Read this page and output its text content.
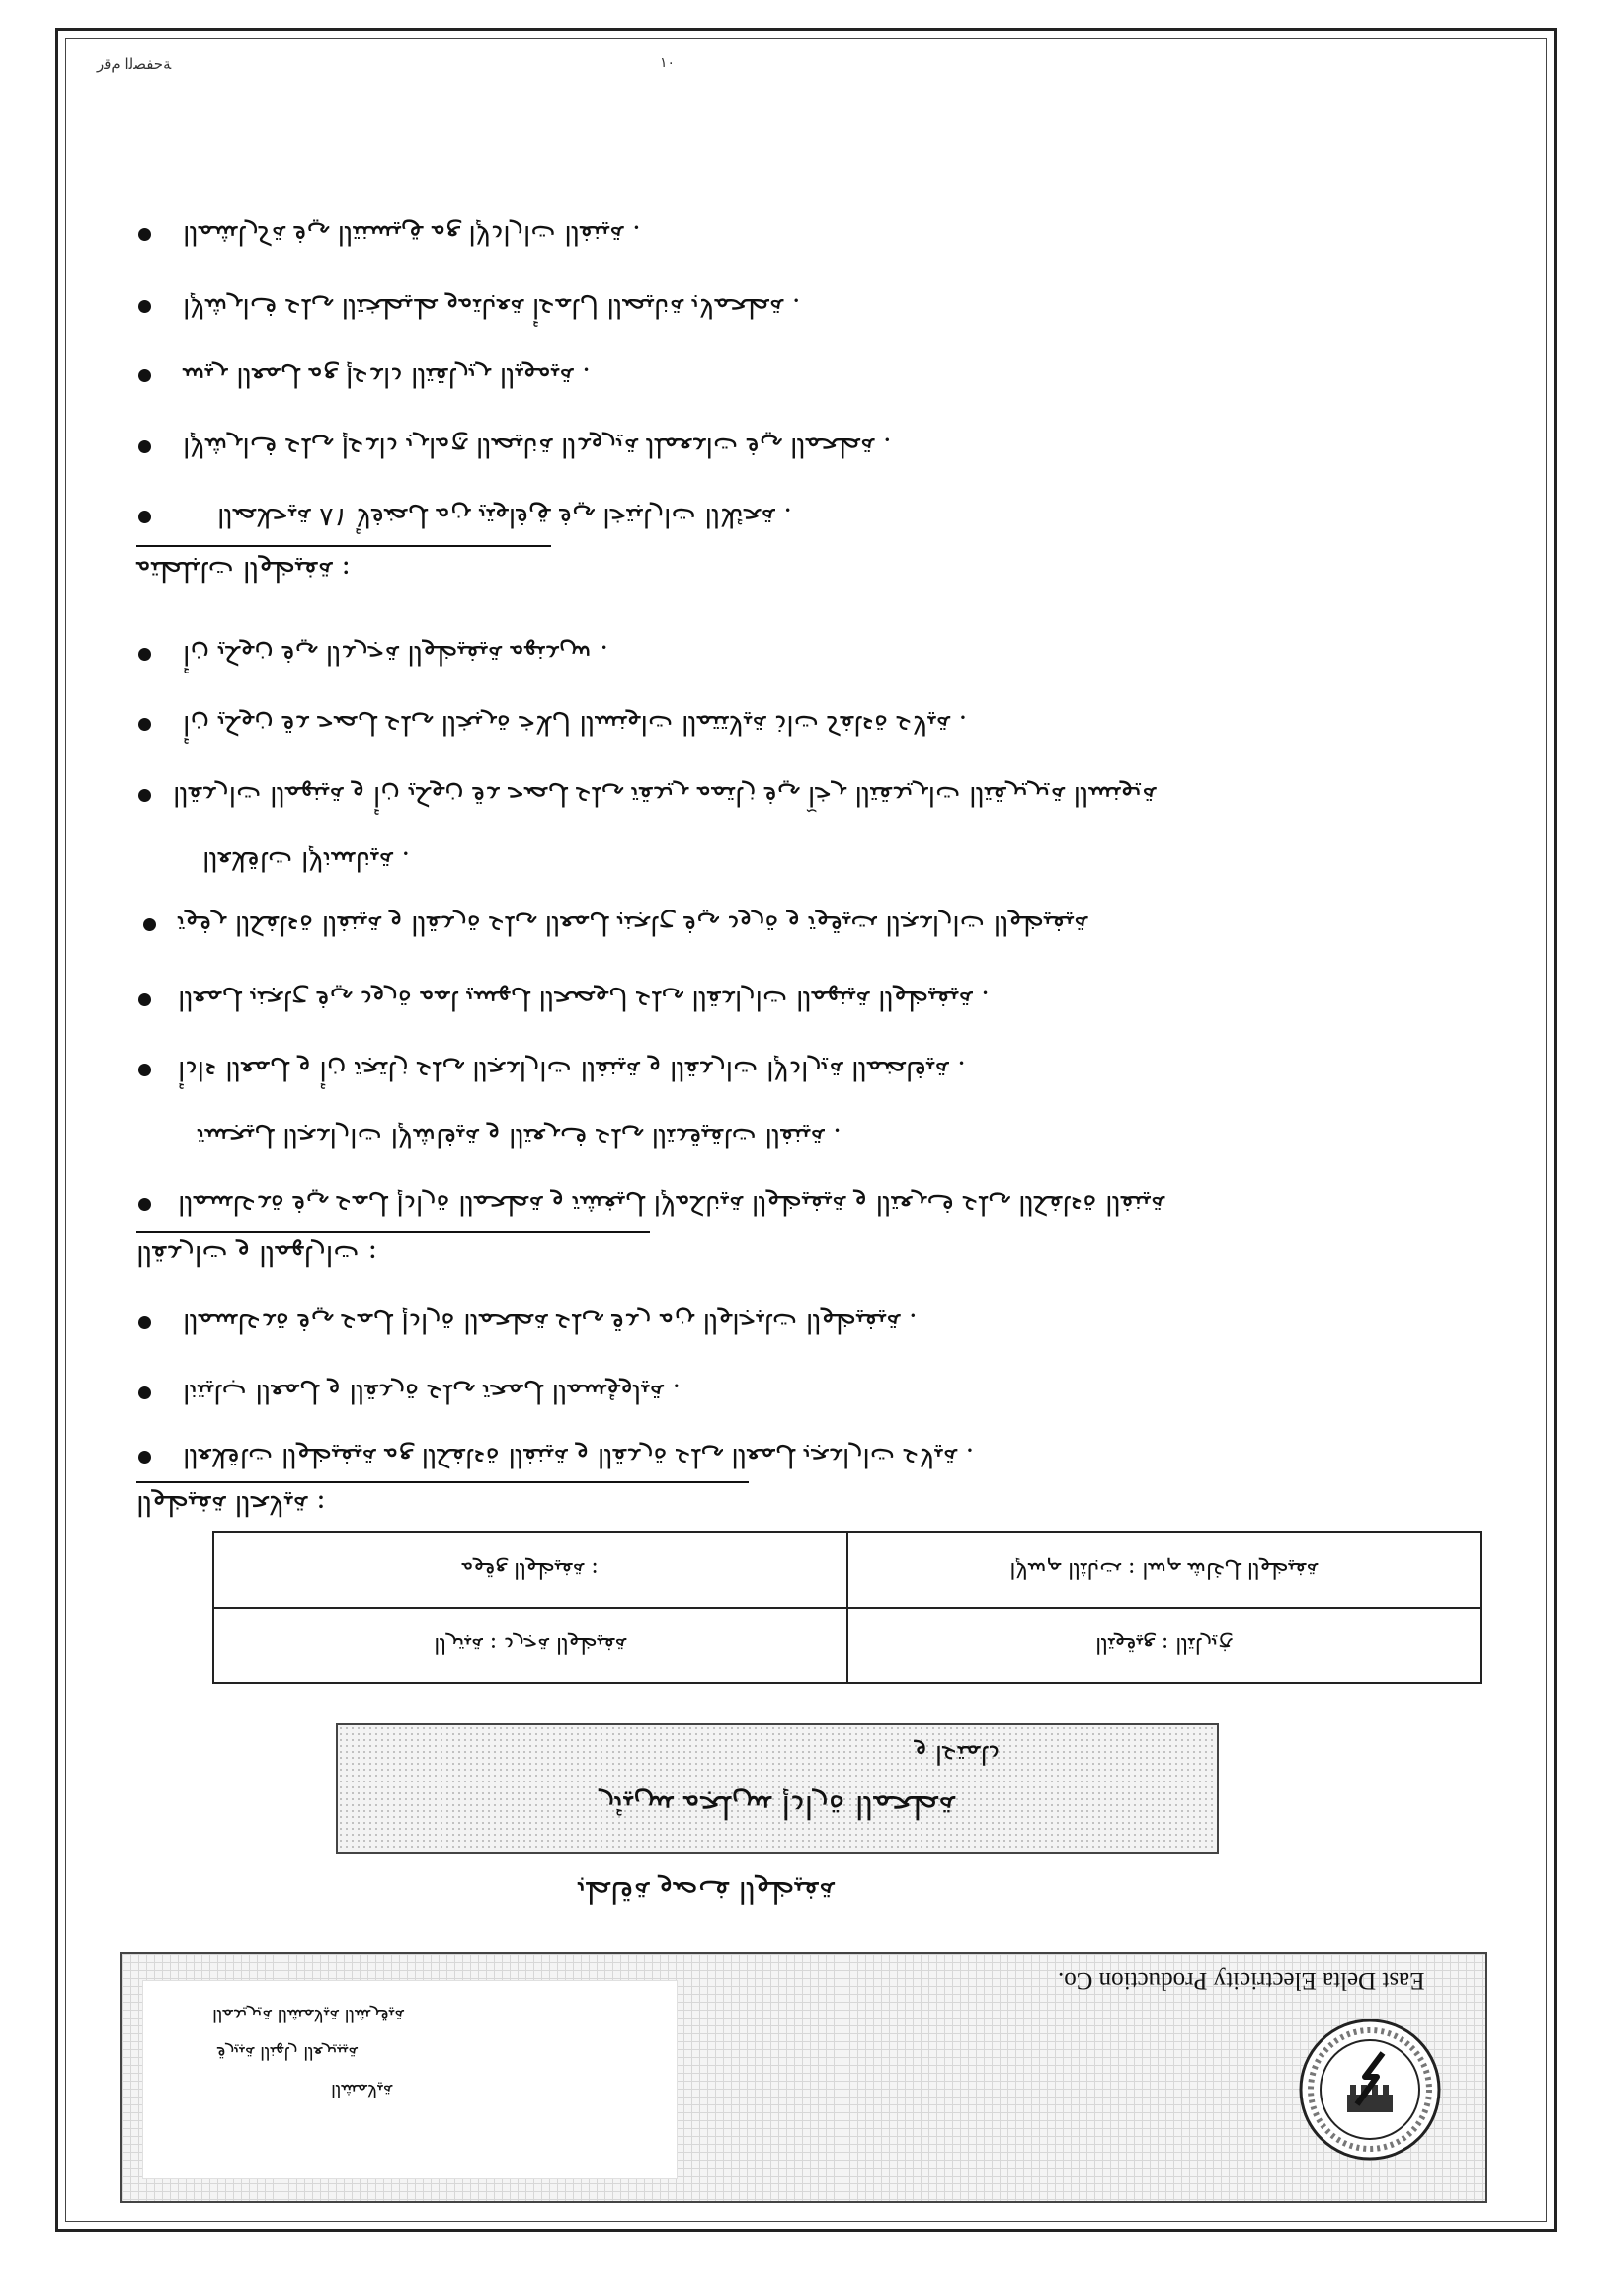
ﺔﺣﻔﺼﻟﺍ ﻡﻗﺭ	١٠
ﺔﻴﻨﻔﻟﺍ ﺕﺍﺭﺍﺩﻹﺍ ﻊﻣ ﻖﻴﺴﻨﺘﻟﺍ ﻲﻓ ﺔﻛﺭﺎﺸﻤﻟﺍ .
ﺔﻄﺤﻤﻟﺎﺑ ﺔﻧﺎﻴﺼﻟﺍ ﻝﺎﻤﻋﺃ ﺔﻌﺑﺎﺘﻣﻭ ﻂﻴﻄﺨﺘﻟﺍ ﻰﻠﻋ ﻑﺍﺮﺷﻹﺍ .
ﺔﻴﻣﻮﻴﻟﺍ ﺮﻳﺭﺎﻘﺘﻟﺍ ﺩﺍﺪﻋﺇ ﻊﻣ ﻞﻤﻌﻟﺍ ﺮﻴﺳ .
ﺔﻄﺤﻤﻟﺍ ﻲﻓ ﺕﺍﺪﻌﻤﻠﻟ ﺔﻳﺭﻭﺪﻟﺍ ﺔﻧﺎﻴﺼﻟﺍ ﺞﻣﺍﺮﺑ ﺩﺍﺪﻋﺇ ﻰﻠﻋ ﻑﺍﺮﺷﻹﺍ .
ﺔﺤﺋﻼﻟﺍ ﺕﺍﺭﺎﺒﺘﺧﺍ ﻲﻓ ﻖﻓﺍﻮﺘﻳ ﻦﻣ ﻞﻀﻓﻷ ٨١ ﺔﻴﺣﻼﺼﻟﺍ .
ﺔﻔﻴﻇﻮﻟﺍ ﺕﺎﺒﻠﻄﺘﻣ :
ﺱﺪﻨﻬﻣ ﺔﻴﻔﻴﻇﻮﻟﺍ ﺔﺟﺭﺪﻟﺍ ﻲﻓ ﻥﻮﻜﻳ ﻥﺃ .
ﺔﻴﻟﺎﻋ ﺓﺀﺎﻔﻛ ﺕﺍﺫ ﺔﻴﻟﺎﺘﺘﻤﻟﺍ ﺕﺍﻮﻨﺴﻟﺍ ﻝﻼﺧ ﺓﺮﺒﺨﻟﺍ ﻰﻠﻋ ﻞﺼﺣ ﺪﻗ ﻥﻮﻜﻳ ﻥﺃ .
ﺔﻳﻮﻨﺴﻟﺍ ﺔﻳﺮﻳﺮﻘﺘﻟﺍ ﺕﺍﺮﻳﺪﻘﺘﻟﺍ ﺮﺧﺁ ﻲﻓ ﺯﺎﺘﻤﻣ ﺮﻳﺪﻘﺗ ﻰﻠﻋ ﻞﺼﺣ ﺪﻗ ﻥﻮﻜﻳ ﻥﺃ ﻭ ﺔﻴﻨﻬﻤﻟﺍ ﺕﺍﺭﺪﻘﻟﺍ
ﺔﻴﻧﺎﺴﻧﻹﺍ ﺕﺎﻗﻼﻌﻟﺍ .
ﺔﻴﻔﻴﻇﻮﻟﺍ ﺕﺍﺭﺍﺪﺠﻟﺍ ﺖﻴﻗﻮﺗ ﻭ ﺓﺭﻭﺩ ﻲﻓ ﺡﺎﺠﻨﺑ ﻞﻤﻌﻟﺍ ﻰﻠﻋ ﺓﺭﺪﻘﻟﺍ ﻭ ﺔﻴﻨﻔﻟﺍ ﺓﺀﺎﻔﻜﻟﺍ ﺮﻓﻮﺗ
ﺔﻴﻔﻴﻇﻮﻟﺍ ﺔﻴﻨﻬﻤﻟﺍ ﺕﺍﺭﺍﺪﻘﻟﺍ ﻰﻠﻋ ﻝﻮﺼﺤﻟﺍ ﻞﻬﺴﻳ ﺎﻤﻣ ﺓﺭﻭﺩ ﻲﻓ ﺡﺎﺠﻨﺑ ﻞﻤﻌﻟﺍ .
ﺔﻴﻓﺎﻀﻤﻟﺍ ﺔﻳﺭﺍﺩﻹﺍ ﺕﺍﺭﺪﻘﻟﺍ ﻭ ﺔﻴﻨﻔﻟﺍ ﺕﺍﺭﺍﺪﺠﻟﺍ ﻰﻠﻋ ﺯﺎﺘﺠﺗ ﻥﺃ ﻭ ﻞﻤﻌﻟﺍ ﺀﺍﺩﺃ .
ﺔﻴﻨﻔﻟﺍ ﺕﺎﻘﻴﻗﺪﺘﻟﺍ ﻰﻠﻋ ﻑﺮﻌﺘﻟﺍ ﻭ ﺔﻴﻓﺎﺷﻹﺍ ﺕﺍﺭﺍﺪﺠﻟﺍ ﻞﻴﺠﺴﺗ .
ﺔﻴﻨﻔﻟﺍ ﺓﺀﺎﻔﻜﻟﺍ ﻰﻠﻋ ﻑﺮﻌﺘﻟﺍ ﻭ ﺔﻴﻔﻴﻇﻮﻟﺍ ﺔﻴﻧﺎﻜﻣﻹﺍ ﻞﻴﻐﺸﺗ ﻭ ﺔﻄﺤﻤﻟﺍ ﺓﺭﺍﺩﺇ ﻞﻤﻋ ﻲﻓ ﺓﺪﻋﺎﺴﻤﻟﺍ
ﺕﺍﺭﺎﻬﻤﻟﺍ ﻭ ﺕﺍﺭﺪﻘﻟﺍ :
ﺔﻴﻔﻴﻇﻮﻟﺍ ﺕﺎﺒﺟﺍﻮﻟﺍ ﻦﻣ ﺭﺪﻗ ﻰﻠﻋ ﺔﻄﺤﻤﻟﺍ ﺓﺭﺍﺩﺇ ﻞﻤﻋ ﻲﻓ ﺓﺪﻋﺎﺴﻤﻟﺍ .
ﺔﻴﻟﻭﺆﺴﻤﻟﺍ ﻞﻤﺤﺗ ﻰﻠﻋ ﺓﺭﺪﻘﻟﺍ ﻭ ﻞﻤﻌﻟﺍ ﺏﺎﻴﺘﻧﺍ .
ﺔﻴﻟﺎﻋ ﺕﺍﺭﺍﺪﺠﺑ ﻞﻤﻌﻟﺍ ﻰﻠﻋ ﺓﺭﺪﻘﻟﺍ ﻭ ﺔﻴﻨﻔﻟﺍ ﺓﺀﺎﻔﻜﻟﺍ ﻊﻣ ﺔﻴﻔﻴﻇﻮﻟﺍ ﺕﺎﻗﻼﻌﻟﺍ .
ﺔﻴﻟﺎﺤﻟﺍ ﺔﻔﻴﻇﻮﻟﺍ :
ﺔﻔﻴﻇﻮﻟﺍ ﻊﻗﻮﻣ :	ﺔﻔﻴﻇﻮﻟﺍ ﻞﻏﺎﺷ ﻢﺳﺍ : ﺖﺑﺎﺜﻟﺍ ﻢﺳﻹﺍ
ﺔﻔﻴﻇﻮﻟﺍ ﺔﺟﺭﺩ : ﺔﺒﺗﺮﻟﺍ	ﺦﻳﺭﺎﺘﻟﺍ : ﻊﻴﻗﻮﺘﻟﺍ
ﺩﺎﻤﺘﻋﺍ ﻭ
ﺔﻄﺤﻤﻟﺍ ﺓﺭﺍﺩﺇ ﺲﻠﺠﻣ ﺲﻴﺋﺭ
ﺔﻔﻴﻇﻮﻟﺍ ﻒﺻﻭ ﺔﻗﺎﻄﺑ
ﺔﻴﻗﺮﺸﻟﺍ ﺔﻴﻟﺎﻤﺸﻟﺍ ﺔﻳﺮﻳﺪﻤﻟﺍ
ﺔﻴﺒﻳﺮﻌﻟﺍ ﺭﺎﻬﻨﻟﺍ ﺔﺒﻳﺭﻗ
ﺔﻴﻟﺎﻤﺸﻟﺍ
East Delta Electricity Production Co.
